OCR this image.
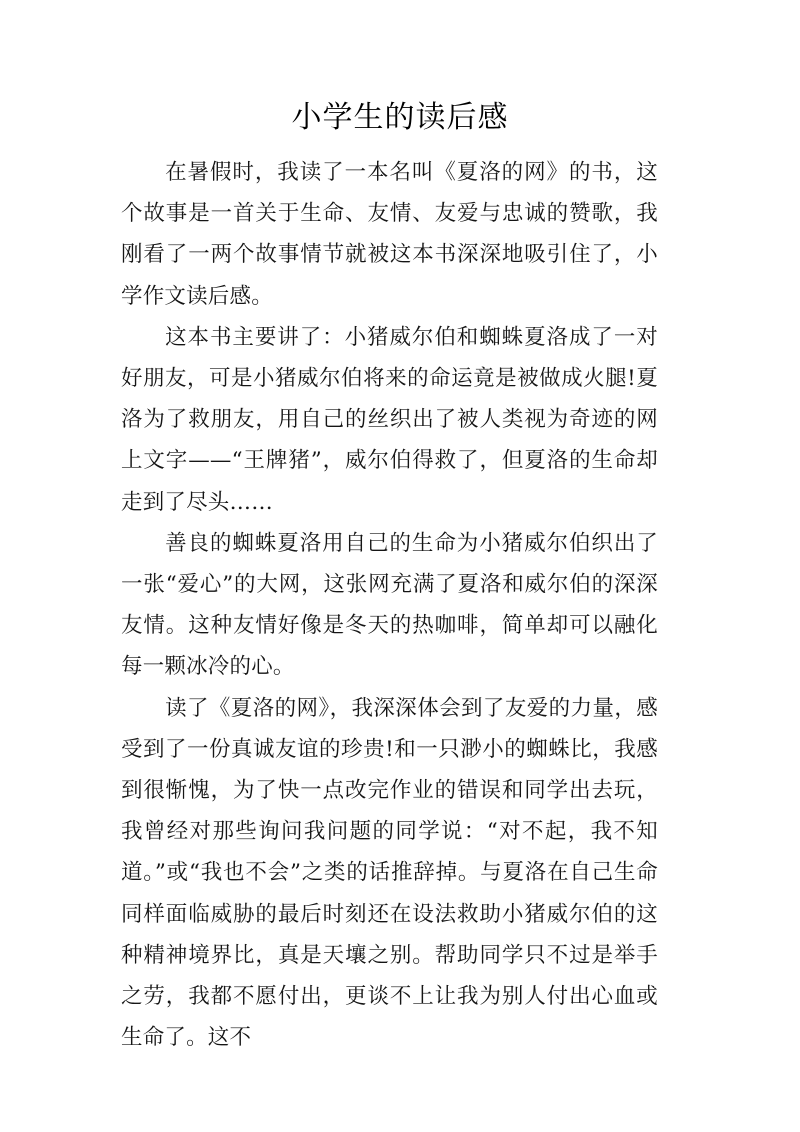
小学生的读后感

在暑假时，我读了一本名叫《夏洛的网》的书，这个故事是一首关于生命、友情、友爱与忠诚的赞歌，我刚看了一两个故事情节就被这本书深深地吸引住了，小学作文读后感。

这本书主要讲了：小猪威尔伯和蜘蛛夏洛成了一对好朋友，可是小猪威尔伯将来的命运竟是被做成火腿!夏洛为了救朋友，用自己的丝织出了被人类视为奇迹的网上文字——“王牌猪”，威尔伯得救了，但夏洛的生命却走到了尽头……

善良的蜘蛛夏洛用自己的生命为小猪威尔伯织出了一张“爱心”的大网，这张网充满了夏洛和威尔伯的深深友情。这种友情好像是冬天的热咖啡，简单却可以融化每一颗冰冷的心。

读了《夏洛的网》，我深深体会到了友爱的力量，感受到了一份真诚友谊的珍贵!和一只渺小的蜘蛛比，我感到很惭愧，为了快一点改完作业的错误和同学出去玩，我曾经对那些询问我问题的同学说：“对不起，我不知道。”或“我也不会”之类的话推辞掉。与夏洛在自己生命同样面临威胁的最后时刻还在设法救助小猪威尔伯的这种精神境界比，真是天壤之别。帮助同学只不过是举手之劳，我都不愿付出，更谈不上让我为别人付出心血或生命了。这不
